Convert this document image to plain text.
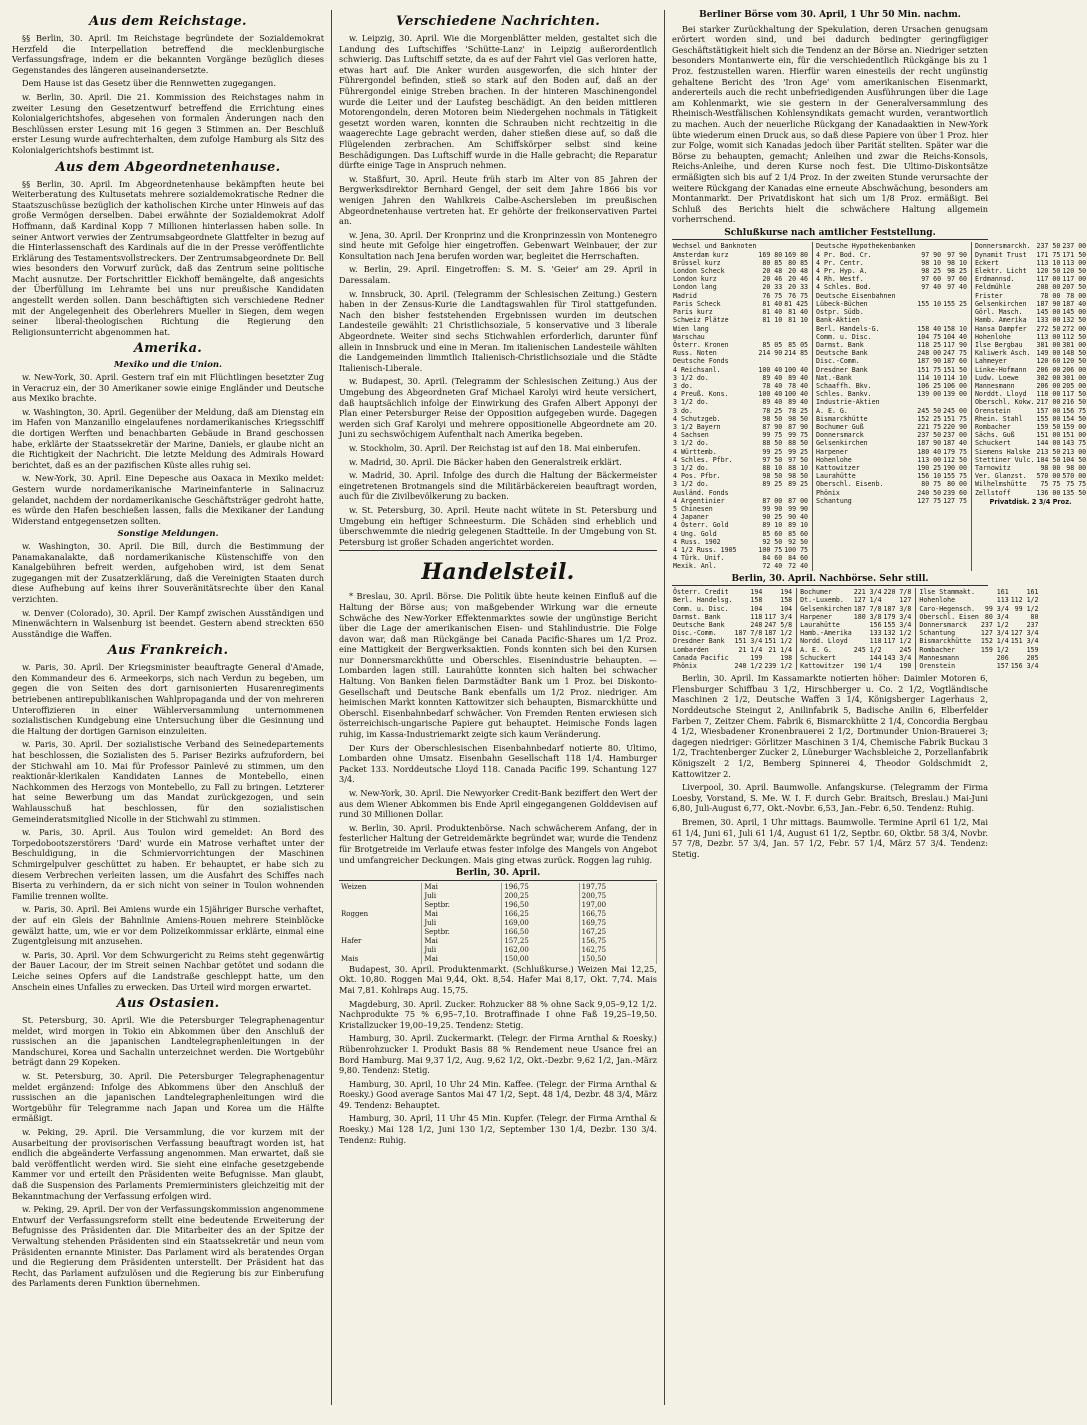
Aus dem Reichstage.

§§ Berlin, 30. April. Im Reichstage begründete der Sozialdemokrat Herzfeld die Interpellation betreffend die mecklenburgische Verfassungsfrage, indem er die bekannten Vorgänge bezüglich dieses Gegenstandes des längeren auseinandersetzte.

Dem Hause ist das Gesetz über die Rennwetten zugegangen.

w. Berlin, 30. April. Die 21. Kommission des Reichstages nahm in zweiter Lesung den Gesetzentwurf betreffend die Errichtung eines Kolonialgerichtshofes, abgesehen von formalen Änderungen nach den Beschlüssen erster Lesung mit 16 gegen 3 Stimmen an. Der Beschluß erster Lesung wurde aufrechterhalten, dem zufolge Hamburg als Sitz des Kolonialgerichtshofs bestimmt ist.

Aus dem Abgeordnetenhause.

§§ Berlin, 30. April. Im Abgeordnetenhause bekämpften heute bei Weiterberatung des Kultusetats mehrere sozialdemokratische Redner die Staatszuschüsse bezüglich der katholischen Kirche unter Hinweis auf das große Vermögen derselben. Dabei erwähnte der Sozialdemokrat Adolf Hoffmann, daß Kardinal Kopp 7 Millionen hinterlassen haben solle. In seiner Antwort verwies der Zentrumsabgeordnete Glattfelter in bezug auf die Hinterlassenschaft des Kardinals auf die in der Presse veröffentlichte Erklärung des Testamentsvollstreckers. Der Zentrumsabgeordnete Dr. Bell wies besonders den Vorwurf zurück, daß das Zentrum seine politische Macht ausnutze. Der Fortschrittler Eickhoff bemängelte, daß angesichts der Überfüllung im Lehramte bei uns nur preußische Kandidaten angestellt werden sollen. Dann beschäftigten sich verschiedene Redner mit der Angelegenheit des Oberlehrers Mueller in Siegen, dem wegen seiner liberal-theologischen Richtung die Regierung den Religionsunterricht abgenommen hat.

Amerika.
Mexiko und die Union.

w. New-York, 30. April. Gestern traf ein mit Flüchtlingen besetzter Zug in Veracruz ein, der 30 Amerikaner sowie einige Engländer und Deutsche aus Mexiko brachte.

w. Washington, 30. April. Gegenüber der Meldung, daß am Dienstag ein im Hafen von Manzanillo eingelaufenes nordamerikanisches Kriegsschiff die dortigen Werften und benachbarten Gebäude in Brand geschossen habe, erklärte der Staatssekretär der Marine, Daniels, er glaube nicht an die Richtigkeit der Nachricht. Die letzte Meldung des Admirals Howard berichtet, daß es an der pazifischen Küste alles ruhig sei.

w. New-York, 30. April. Eine Depesche aus Oaxaca in Mexiko meldet: Gestern wurde nordamerikanische Marineinfanterie in Salinacruz gelandet, nachdem der nordamerikanische Geschäftsträger gedroht hatte, es würde den Hafen beschießen lassen, falls die Mexikaner der Landung Widerstand entgegensetzen sollten.

Sonstige Meldungen.

w. Washington, 30. April. Die Bill, durch die Bestimmung der Panamakanalakte, daß nordamerikanische Küstenschiffe von den Kanalgebühren befreit werden, aufgehoben wird, ist dem Senat zugegangen mit der Zusatzerklärung, daß die Vereinigten Staaten durch diese Aufhebung auf keins ihrer Souveränitätsrechte über den Kanal verzichten.

w. Denver (Colorado), 30. April. Der Kampf zwischen Ausständigen und Minenwächtern in Walsenburg ist beendet. Gestern abend streckten 650 Ausständige die Waffen.

Aus Frankreich.

w. Paris, 30. April. Der Kriegsminister beauftragte General d'Amade, den Kommandeur des 6. Armeekorps, sich nach Verdun zu begeben, um gegen die von Seiten des dort garnisonierten Husarenregiments betriebenen antirepublikanischen Wahlpropaganda und der von mehreren Unteroffizieren in einer Wählerversammlung unternommenen sozialistischen Kundgebung eine Untersuchung über die Gesinnung und die Haltung der dortigen Garnison einzuleiten.

w. Paris, 30. April. Der sozialistische Verband des Seinedepartements hat beschlossen, die Sozialisten des 5. Pariser Bezirks aufzufordern, bei der Stichwahl am 10. Mai für Professor Painlevé zu stimmen, um den reaktionär-klerikalen Kandidaten Lannes de Montebello, einen Nachkommen des Herzogs von Montebello, zu Fall zu bringen. Letzterer hat seine Bewerbung um das Mandat zurückgezogen, und sein Wahlausschuß hat beschlossen, für den sozialistischen Gemeinderatsmitglied Nicolle in der Stichwahl zu stimmen.

w. Paris, 30. April. Aus Toulon wird gemeldet: An Bord des Torpedobootszerstörers 'Dard' wurde ein Matrose verhaftet unter der Beschuldigung, in die Schmiervorrichtungen der Maschinen Schmirgelpulver geschüttet zu haben. Er behauptet, er habe sich zu diesem Verbrechen verleiten lassen, um die Ausfahrt des Schiffes nach Biserta zu verhindern, da er sich nicht von seiner in Toulon wohnenden Familie trennen wollte.

w. Paris, 30. April. Bei Amiens wurde ein 15jähriger Bursche verhaftet, der auf ein Gleis der Bahnlinie Amiens-Rouen mehrere Steinblöcke gewälzt hatte, um, wie er vor dem Polizeikommissar erklärte, einmal eine Zugentgleisung mit anzusehen.

w. Paris, 30. April. Vor dem Schwurgericht zu Reims steht gegenwärtig der Bauer Lacour, der im Streit seinen Nachbar getötet und sodann die Leiche seines Opfers auf die Landstraße geschleppt hatte, um den Anschein eines Unfalles zu erwecken. Das Urteil wird morgen erwartet.

Aus Ostasien.

St. Petersburg, 30. April. Wie die Petersburger Telegraphenagentur meldet, wird morgen in Tokio ein Abkommen über den Anschluß der russischen an die japanischen Landtelegraphenleitungen in der Mandschurei, Korea und Sachalin unterzeichnet werden. Die Wortgebühr beträgt dann 29 Kopeken.

w. St. Petersburg, 30. April. Die Petersburger Telegraphenagentur meldet ergänzend: Infolge des Abkommens über den Anschluß der russischen an die japanischen Landtelegraphenleitungen wird die Wortgebühr für Telegramme nach Japan und Korea um die Hälfte ermäßigt.

w. Peking, 29. April. Die Versammlung, die vor kurzem mit der Ausarbeitung der provisorischen Verfassung beauftragt worden ist, hat endlich die abgeänderte Verfassung angenommen. Man erwartet, daß sie bald veröffentlicht werden wird. Sie sieht eine einfache gesetzgebende Kammer vor und erteilt den Präsidenten weite Befugnisse. Man glaubt, daß die Suspension des Parlaments Premierministers gleichzeitig mit der Bekanntmachung der Verfassung erfolgen wird.

w. Peking, 29. April. Der von der Verfassungskommission angenommene Entwurf der Verfassungsreform stellt eine bedeutende Erweiterung der Befugnisse des Präsidenten dar. Die Mitarbeiter des an der Spitze der Verwaltung stehenden Präsidenten sind ein Staatssekretär und neun vom Präsidenten ernannte Minister. Das Parlament wird als beratendes Organ und die Regierung dem Präsidenten unterstellt. Der Präsident hat das Recht, das Parlament aufzulösen und die Regierung bis zur Einberufung des Parlaments deren Funktion übernehmen.

Verschiedene Nachrichten.

w. Leipzig, 30. April. Wie die Morgenblätter melden, gestaltet sich die Landung des Luftschiffes 'Schütte-Lanz' in Leipzig außerordentlich schwierig. Das Luftschiff setzte, da es auf der Fahrt viel Gas verloren hatte, etwas hart auf. Die Anker wurden ausgeworfen, die sich hinter der Führergondel befinden, stieß so stark auf den Boden auf, daß an der Führergondel einige Streben brachen. In der hinteren Maschinengondel wurde die Leiter und der Laufsteg beschädigt. An den beiden mittleren Motorengondeln, deren Motoren beim Niedergehen nochmals in Tätigkeit gesetzt worden waren, konnten die Schrauben nicht rechtzeitig in die waagerechte Lage gebracht werden, daher stießen diese auf, so daß die Flügelenden zerbrachen. Am Schiffskörper selbst sind keine Beschädigungen. Das Luftschiff wurde in die Halle gebracht; die Reparatur dürfte einige Tage in Anspruch nehmen.

w. Staßfurt, 30. April. Heute früh starb im Alter von 85 Jahren der Bergwerksdirektor Bernhard Gengel, der seit dem Jahre 1866 bis vor wenigen Jahren den Wahlkreis Calbe-Aschersleben im preußischen Abgeordnetenhause vertreten hat. Er gehörte der freikonservativen Partei an.

w. Jena, 30. April. Der Kronprinz und die Kronprinzessin von Montenegro sind heute mit Gefolge hier eingetroffen. Gebenwart Weinbauer, der zur Konsultation nach Jena berufen worden war, begleitet die Herrschaften.

w. Berlin, 29. April. Eingetroffen: S. M. S. 'Geier' am 29. April in Daressalam.

w. Innsbruck, 30. April. (Telegramm der Schlesischen Zeitung.) Gestern haben in der Zensus-Kurie die Landtagswahlen für Tirol stattgefunden. Nach den bisher feststehenden Ergebnissen wurden im deutschen Landesteile gewählt: 21 Christlichsoziale, 5 konservative und 3 liberale Abgeordnete. Weiter sind sechs Stichwahlen erforderlich, darunter fünf allein in Innsbruck und eine in Meran. Im italienischen Landesteile wählten die Landgemeinden limmtlich Italienisch-Christlichsoziale und die Städte Italienisch-Liberale.

w. Budapest, 30. April. (Telegramm der Schlesischen Zeitung.) Aus der Umgebung des Abgeordneten Graf Michael Karolyi wird heute versichert, daß hauptsächlich infolge der Einwirkung des Grafen Albert Apponyi der Plan einer Petersburger Reise der Opposition aufgegeben wurde. Dagegen werden sich Graf Karolyi und mehrere oppositionelle Abgeordnete am 20. Juni zu sechswöchigem Aufenthalt nach Amerika begeben.

w. Stockholm, 30. April. Der Reichstag ist auf den 18. Mai einberufen.

w. Madrid, 30. April. Die Bäcker haben den Generalstreik erklärt.

w. Madrid, 30. April. Infolge des durch die Haltung der Bäckermeister eingetretenen Brotmangels sind die Militärbäckereien beauftragt worden, auch für die Zivilbevölkerung zu backen.

w. St. Petersburg, 30. April. Heute nacht wütete in St. Petersburg und Umgebung ein heftiger Schneesturm. Die Schäden sind erheblich und überschwemmte die niedrig gelegenen Stadtteile. In der Umgebung von St. Petersburg ist großer Schaden angerichtet worden.

Handelsteil.

* Breslau, 30. April. Börse. Die Politik übte heute keinen Einfluß auf die Haltung der Börse aus; von maßgebender Wirkung war die erneute Schwäche des New-Yorker Effektenmarktes sowie der ungünstige Bericht über die Lage der amerikanischen Eisen- und Stahlindustrie. Die Folge davon war, daß man Rückgänge bei Canada Pacific-Shares um 1/2 Proz. eine Mattigkeit der Bergwerksaktien. Fonds konnten sich bei den Kursen nur Donnersmarckhütte und Oberschles. Eisenindustrie behaupten. — Lombarden lagen still. Laurahütte konnten sich halten bei schwacher Haltung. Von Banken fielen Darmstädter Bank um 1 Proz. bei Diskonto-Gesellschaft und Deutsche Bank ebenfalls um 1/2 Proz. niedriger. Am heimischen Markt konnten Kattowitzer sich behaupten, Bismarckhütte und Oberschl. Eisenbahnbedarf schwächer. Von Fremden Renten erwiesen sich österreichisch-ungarische Papiere gut behauptet. Heimische Fonds lagen ruhig, im Kassa-Industriemarkt zeigte sich kaum Veränderung.

Der Kurs der Oberschlesischen Eisenbahnbedarf notierte 80. Ultimo, Lombarden ohne Umsatz. Eisenbahn Gesellschaft 118 1/4. Hamburger Packet 133. Norddeutsche Lloyd 118. Canada Pacific 199. Schantung 127 3/4.

w. New-York, 30. April. Die Newyorker Credit-Bank beziffert den Wert der aus dem Wiener Abkommen bis Ende April eingegangenen Golddevisen auf rund 30 Millionen Dollar.

w. Berlin, 30. April. Produktenbörse. Nach schwächerem Anfang, der in festerlicher Haltung der Getreidemärkte begründet war, wurde die Tendenz für Brotgetreide im Verlaufe etwas fester infolge des Mangels von Angebot und umfangreicher Deckungen. Mais ging etwas zurück. Roggen lag ruhig.

Berlin, 30. April.
Weizen	Mai	196,75	197,75
	Juli	200,25	200,75
	Septbr.	196,50	197,00
Roggen	Mai	166,25	166,75
	Juli	169,00	169,75
	Septbr.	166,50	167,25
Hafer	Mai	157,25	156,75
	Juli	162,00	162,75
Mais	Mai	150,00	150,50

Budapest, 30. April. Produktenmarkt. (Schlußkurse.) Weizen Mai 12,25, Okt. 10,80. Roggen Mai 9,44, Okt. 8,54. Hafer Mai 8,17, Okt. 7,74. Mais Mai 7,81. Kohlraps Aug. 15,75.

Magdeburg, 30. April. Zucker. Rohzucker 88 % ohne Sack 9,05–9,12 1/2. Nachprodukte 75 % 6,95–7,10. Brotraffinade I ohne Faß 19,25–19,50. Kristallzucker 19,00–19,25. Tendenz: Stetig.

Hamburg, 30. April. Zuckermarkt. (Telegr. der Firma Arnthal & Roesky.) Rübenrohzucker I. Produkt Basis 88 % Rendement neue Usance frei an Bord Hamburg. Mai 9,37 1/2, Aug. 9,62 1/2, Okt.-Dezbr. 9,62 1/2, Jan.-März 9,80. Tendenz: Stetig.

Hamburg, 30. April, 10 Uhr 24 Min. Kaffee. (Telegr. der Firma Arnthal & Roesky.) Good average Santos Mai 47 1/2, Sept. 48 1/4, Dezbr. 48 3/4, März 49. Tendenz: Behauptet.

Hamburg, 30. April, 11 Uhr 45 Min. Kupfer. (Telegr. der Firma Arnthal & Roesky.) Mai 128 1/2, Juni 130 1/2, September 130 1/4, Dezbr. 130 3/4. Tendenz: Ruhig.

Berliner Börse vom 30. April, 1 Uhr 50 Min. nachm.

Bei starker Zurückhaltung der Spekulation, deren Ursachen genugsam erörtert worden sind, und bei dadurch bedingter geringfügiger Geschäftstätigkeit hielt sich die Tendenz an der Börse an. Niedriger setzten besonders Montanwerte ein, für die verschiedentlich Rückgänge bis zu 1 Proz. festzustellen waren. Hierfür waren einesteils der recht ungünstig gehaltene Bericht des 'Iron Age' vom amerikanischen Eisenmarkt, andererteils auch die recht unbefriedigenden Ausführungen über die Lage am Kohlenmarkt, wie sie gestern in der Generalversammlung des Rheinisch-Westfälischen Kohlensyndikats gemacht wurden, verantwortlich zu machen. Auch der neuerliche Rückgang der Kanadaaktien in New-York übte wiederum einen Druck aus, so daß diese Papiere von über 1 Proz. hier zur Folge, womit sich Kanadas jedoch über Parität stellten. Später war die Börse zu behaupten, gemacht; Anleihen und zwar die Reichs-Konsols, Reichs-Anleihe, und deren Kurse noch fest. Die Ultimo-Diskontsätze ermäßigten sich bis auf 2 1/4 Proz. In der zweiten Stunde verursachte der weitere Rückgang der Kanadas eine erneute Abschwächung, besonders am Montanmarkt. Der Privatdiskont hat sich um 1/8 Proz. ermäßigt. Bei Schluß des Berichts hielt die schwächere Haltung allgemein vorherrschend.

Schlußkurse nach amtlicher Feststellung.
Wechsel und Banknoten		
Amsterdam kurz	169 80	169 80
Brüssel kurz	80 85	80 85
London Scheck	20 48	20 48
London kurz	20 46	20 46
London lang	20 33	20 33
Madrid	76 75	76 75
Paris Scheck	81 40	81 425
Paris kurz	81 40	81 40
Schweiz Plätze	81 10	81 10
Wien lang		
Warschau		
Österr. Kronen	85 05	85 05
Russ. Noten	214 90	214 85
Deutsche Fonds		
4 Reichsanl.	100 40	100 40
3 1/2 do.	89 40	89 40
3 do.	78 40	78 40
4 Preuß. Kons.	100 40	100 40
3 1/2 do.	89 40	89 40
3 do.	78 25	78 25
4 Schutzgeb.	98 50	98 50
3 1/2 Bayern	87 90	87 90
4 Sachsen	99 75	99 75
3 1/2 do.	88 50	88 50
4 Württemb.	99 25	99 25
4 Schles. Pfbr.	97 50	97 50
3 1/2 do.	88 10	88 10
4 Pos. Pfbr.	98 50	98 50
3 1/2 do.	89 25	89 25
Ausländ. Fonds		
4 Argentinier	87 00	87 00
5 Chinesen	99 90	99 90
4 Japaner	90 25	90 40
4 Österr. Gold	89 10	89 10
4 Ung. Gold	85 60	85 60
4 Russ. 1902	92 50	92 50
4 1/2 Russ. 1905	100 75	100 75
4 Türk. Unif.	84 60	84 60
Mexik. Anl.	72 40	72 40
Deutsche Hypothekenbanken		
4 Pr. Bod. Cr.	97 90	97 90
4 Pr. Centr.	98 10	98 10
4 Pr. Hyp. A.	98 25	98 25
4 Rh. Westf.	97 60	97 60
4 Schles. Bod.	97 40	97 40
Deutsche Eisenbahnen		
Lübeck-Büchen	155 10	155 25
Ostpr. Südb.		
Bank-Aktien		
Berl. Handels-G.	158 40	158 10
Comm. u. Disc.	104 75	104 40
Darmst. Bank	118 25	117 90
Deutsche Bank	248 00	247 75
Disc.-Comm.	187 90	187 60
Dresdner Bank	151 75	151 50
Nat.-Bank	114 10	114 10
Schaaffh. Bkv.	106 25	106 00
Schles. Bankv.	139 00	139 00
Industrie-Aktien		
A. E. G.	245 50	245 00
Bismarckhütte	152 25	151 75
Bochumer Guß	221 75	220 90
Donnersmarck	237 50	237 00
Gelsenkirchen	187 90	187 40
Harpener	180 40	179 75
Hohenlohe	113 00	112 50
Kattowitzer	190 25	190 00
Laurahütte	156 10	155 75
Oberschl. Eisenb.	80 75	80 00
Phönix	240 50	239 60
Schantung	127 75	127 75
Donnersmarckh.	237 50	237 00
Dynamit Trust	171 75	171 50
Eckert	113 10	113 00
Elektr. Licht	120 50	120 50
Erdmannsd.	117 00	117 00
Feldmühle	208 00	207 50
Frister	78 00	78 00
Gelsenkirchen	187 90	187 40
Görl. Masch.	145 00	145 00
Hamb. Amerika	133 00	132 50
Hansa Dampfer	272 50	272 00
Hohenlohe	113 00	112 50
Ilse Bergbau	381 00	381 00
Kaliwerk Asch.	149 00	148 50
Lahmeyer	120 60	120 50
Linke-Hofmann	206 00	206 00
Ludw. Loewe	302 00	301 00
Mannesmann	206 00	205 00
Norddt. Lloyd	118 00	117 50
Oberschl. Kokw.	217 00	216 50
Orenstein	157 00	156 75
Rhein. Stahl	155 00	154 50
Rombacher	159 50	159 00
Sächs. Guß	151 00	151 00
Schuckert	144 00	143 75
Siemens Halske	213 50	213 00
Stettiner Vulc.	104 50	104 50
Tarnowitz	98 00	98 00
Ver. Glanzst.	570 00	570 00
Wilhelmshütte	75 75	75 75
Zellstoff	136 00	135 50
Privatdisk. 2 3/4 Proz.
Berlin, 30. April. Nachbörse. Sehr still.
Österr. Credit	194	194
Berl. Handelsg.	158	158
Comm. u. Disc.	104	104
Darmst. Bank	118	117 3/4
Deutsche Bank	248	247 5/8
Disc.-Comm.	187 7/8	187 1/2
Dresdner Bank	151 3/4	151 1/2
Lombarden	21 1/4	21 1/4
Canada Pacific	199	198
Phönix	240 1/2	239 1/2
Bochumer	221 3/4	220 7/8
Dt.-Luxemb.	127 1/4	127
Gelsenkirchen	187 7/8	187 3/8
Harpener	180 3/8	179 3/4
Laurahütte	156	155 3/4
Hamb.-Amerika	133	132 1/2
Nordd. Lloyd	118	117 1/2
A. E. G.	245 1/2	245
Schuckert	144	143 3/4
Kattowitzer	190 1/4	190
Ilse Stammakt.	161	161
Hohenlohe	113	112 1/2
Caro-Hegensch.	99 3/4	99 1/2
Oberschl. Eisen	80 3/4	80
Donnersmarck	237 1/2	237
Schantung	127 3/4	127 3/4
Bismarckhütte	152 1/4	151 3/4
Rombacher	159 1/2	159
Mannesmann	206	205
Orenstein	157	156 3/4

Berlin, 30. April. Im Kassamarkte notierten höher: Daimler Motoren 6, Flensburger Schiffbau 3 1/2, Hirschberger u. Co. 2 1/2, Vogtländische Maschinen 2 1/2, Deutsche Waffen 3 1/4, Königsberger Lagerhaus 2, Norddeutsche Steingut 2, Anilinfabrik 5, Badische Anilin 6, Elberfelder Farben 7, Zeitzer Chem. Fabrik 6, Bismarckhütte 2 1/4, Concordia Bergbau 4 1/2, Wiesbadener Kronenbrauerei 2 1/2, Dortmunder Union-Brauerei 3; dagegen niedriger: Görlitzer Maschinen 3 1/4, Chemische Fabrik Buckau 3 1/2, Trachtenberger Zucker 2, Lüneburger Wachsbleiche 2, Porzellanfabrik Königszelt 2 1/2, Bemberg Spinnerei 4, Theodor Goldschmidt 2, Kattowitzer 2.

Liverpool, 30. April. Baumwolle. Anfangskurse. (Telegramm der Firma Loesby, Vorstand, S. Me. W. I. F. durch Gebr. Braitsch, Breslau.) Mai-Juni 6,80, Juli-August 6,77, Okt.-Novbr. 6,53, Jan.-Febr. 6,50. Tendenz: Ruhig.

Bremen, 30. April, 1 Uhr mittags. Baumwolle. Termine April 61 1/2, Mai 61 1/4, Juni 61, Juli 61 1/4, August 61 1/2, Septbr. 60, Oktbr. 58 3/4, Novbr. 57 7/8, Dezbr. 57 3/4, Jan. 57 1/2, Febr. 57 1/4, März 57 3/4. Tendenz: Stetig.
